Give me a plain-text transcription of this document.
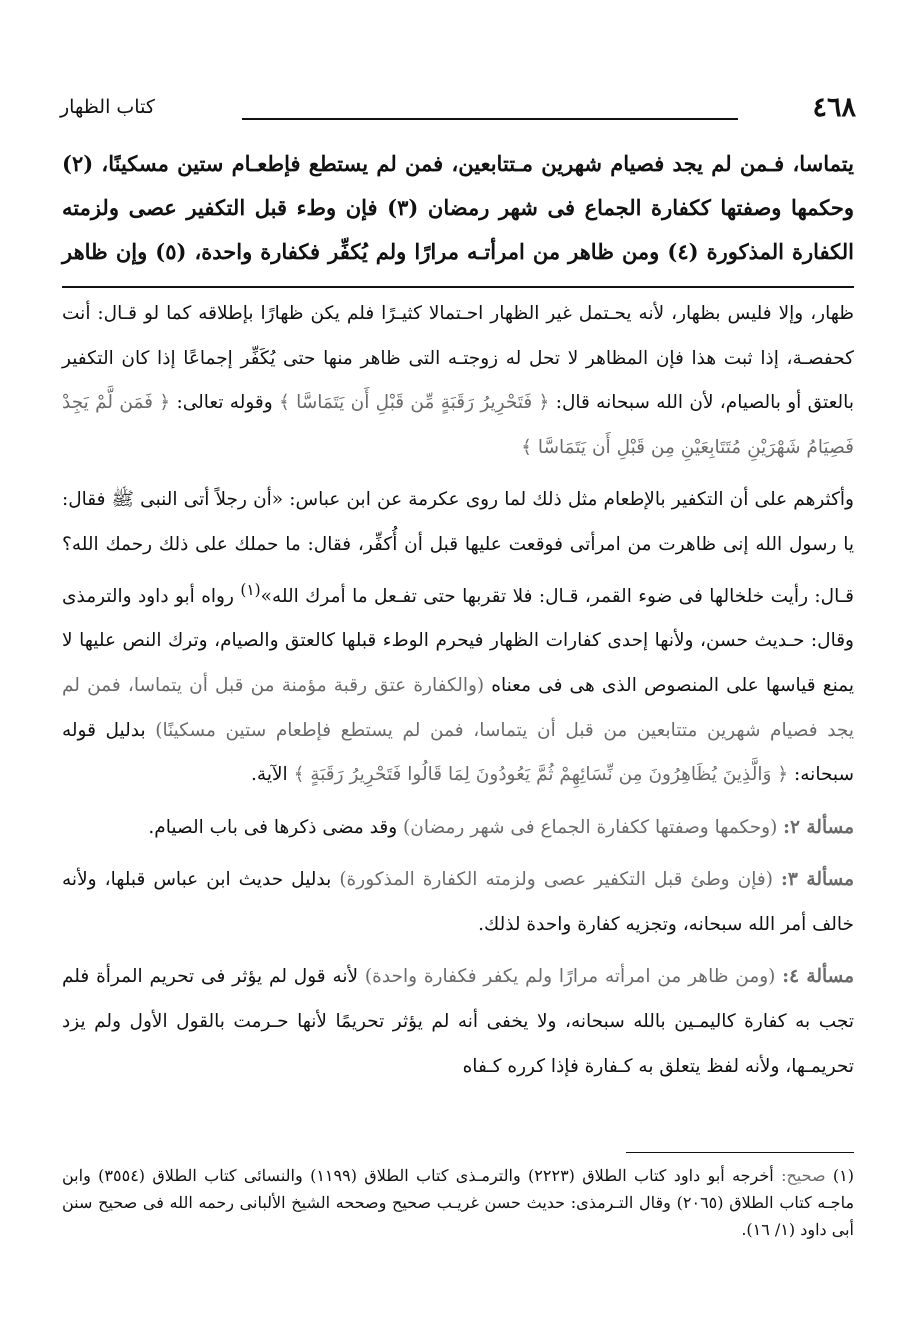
٤٦٨
كتاب الظهار
يتماسا، فـمن لم يجد فصيام شهرين مـتتابعين، فمن لم يستطع فإطعـام ستين مسكينًا، (٢)
وحكمها وصفتها ككفارة الجماع فى شهر رمضان (٣) فإن وطء قبل التكفير عصى ولزمته
الكفارة المذكورة (٤) ومن ظاهر من امرأتـه مرارًا ولم يُكفِّر فكفارة واحدة، (٥) وإن ظاهر

ظهار، وإلا فليس بظهار، لأنه يحـتمل غير الظهار احـتمالا كثيـرًا فلم يكن ظهارًا بإطلاقه كما لو قـال: أنت كحفصـة، إذا ثبت هذا فإن المظاهر لا تحل له زوجتـه التى ظاهر منها حتى يُكَفِّر إجماعًا إذا كان التكفير بالعتق أو بالصيام، لأن الله سبحانه قال: ﴿ فَتَحْرِيرُ رَقَبَةٍ مِّن قَبْلِ أَن يَتَمَاسَّا ﴾ وقوله تعالى: ﴿ فَمَن لَّمْ يَجِدْ فَصِيَامُ شَهْرَيْنِ مُتَتَابِعَيْنِ مِن قَبْلِ أَن يَتَمَاسَّا ﴾

وأكثرهم على أن التكفير بالإطعام مثل ذلك لما روى عكرمة عن ابن عباس: «أن رجلاً أتى النبى ﷺ فقال: يا رسول الله إنى ظاهرت من امرأتى فوقعت عليها قبل أن أُكفِّر، فقال: ما حملك على ذلك رحمك الله؟ قـال: رأيت خلخالها فى ضوء القمر، قـال: فلا تقربها حتى تفـعل ما أمرك الله»$^{(١)}$ رواه أبو داود والترمذى وقال: حـديث حسن، ولأنها إحدى كفارات الظهار فيحرم الوطء قبلها كالعتق والصيام، وترك النص عليها لا يمنع قياسها على المنصوص الذى هى فى معناه (والكفارة عتق رقبة مؤمنة من قبل أن يتماسا، فمن لم يجد فصيام شهرين متتابعين من قبل أن يتماسا، فمن لم يستطع فإطعام ستين مسكينًا) بدليل قوله سبحانه: ﴿ وَالَّذِينَ يُظَاهِرُونَ مِن نِّسَائِهِمْ ثُمَّ يَعُودُونَ لِمَا قَالُوا فَتَحْرِيرُ رَقَبَةٍ ﴾ الآية.

مسألة ٢: (وحكمها وصفتها ككفارة الجماع فى شهر رمضان) وقد مضى ذكرها فى باب الصيام.

مسألة ٣: (فإن وطئ قبل التكفير عصى ولزمته الكفارة المذكورة) بدليل حديث ابن عباس قبلها، ولأنه خالف أمر الله سبحانه، وتجزيه كفارة واحدة لذلك.

مسألة ٤: (ومن ظاهر من امرأته مرارًا ولم يكفر فكفارة واحدة) لأنه قول لم يؤثر فى تحريم المرأة فلم تجب به كفارة كاليمـين بالله سبحانه، ولا يخفى أنه لم يؤثر تحريمًا لأنها حـرمت بالقول الأول ولم يزد تحريمـها، ولأنه لفظ يتعلق به كـفارة فإذا كرره كـفاه

(١) صحيح: أخرجه أبو داود كتاب الطلاق (٢٢٢٣) والترمـذى كتاب الطلاق (١١٩٩) والنسائى كتاب الطلاق (٣٥٥٤) وابن ماجـه كتاب الطلاق (٢٠٦٥) وقال التـرمذى: حديث حسن غريـب صحيح وصححه الشيخ الألبانى رحمه الله فى صحيح سنن أبى داود (١/ ١٦).
